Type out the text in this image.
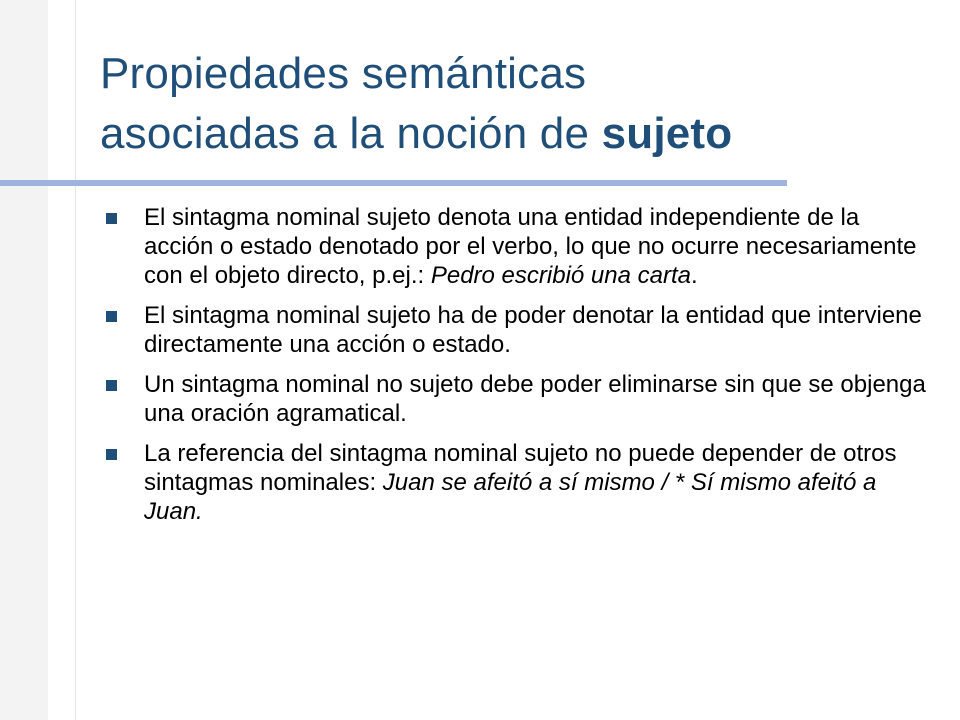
Propiedades semánticas
asociadas a la noción de sujeto
El sintagma nominal sujeto denota una entidad independiente de la acción o estado denotado por el verbo, lo que no ocurre necesariamente con el objeto directo, p.ej.: Pedro escribió una carta.
El sintagma nominal sujeto ha de poder denotar la entidad que interviene directamente una acción o estado.
Un sintagma nominal no sujeto debe poder eliminarse sin que se objenga una oración agramatical.
La referencia del sintagma nominal sujeto no puede depender de otros sintagmas nominales: Juan se afeitó a sí mismo / * Sí mismo afeitó a Juan.
